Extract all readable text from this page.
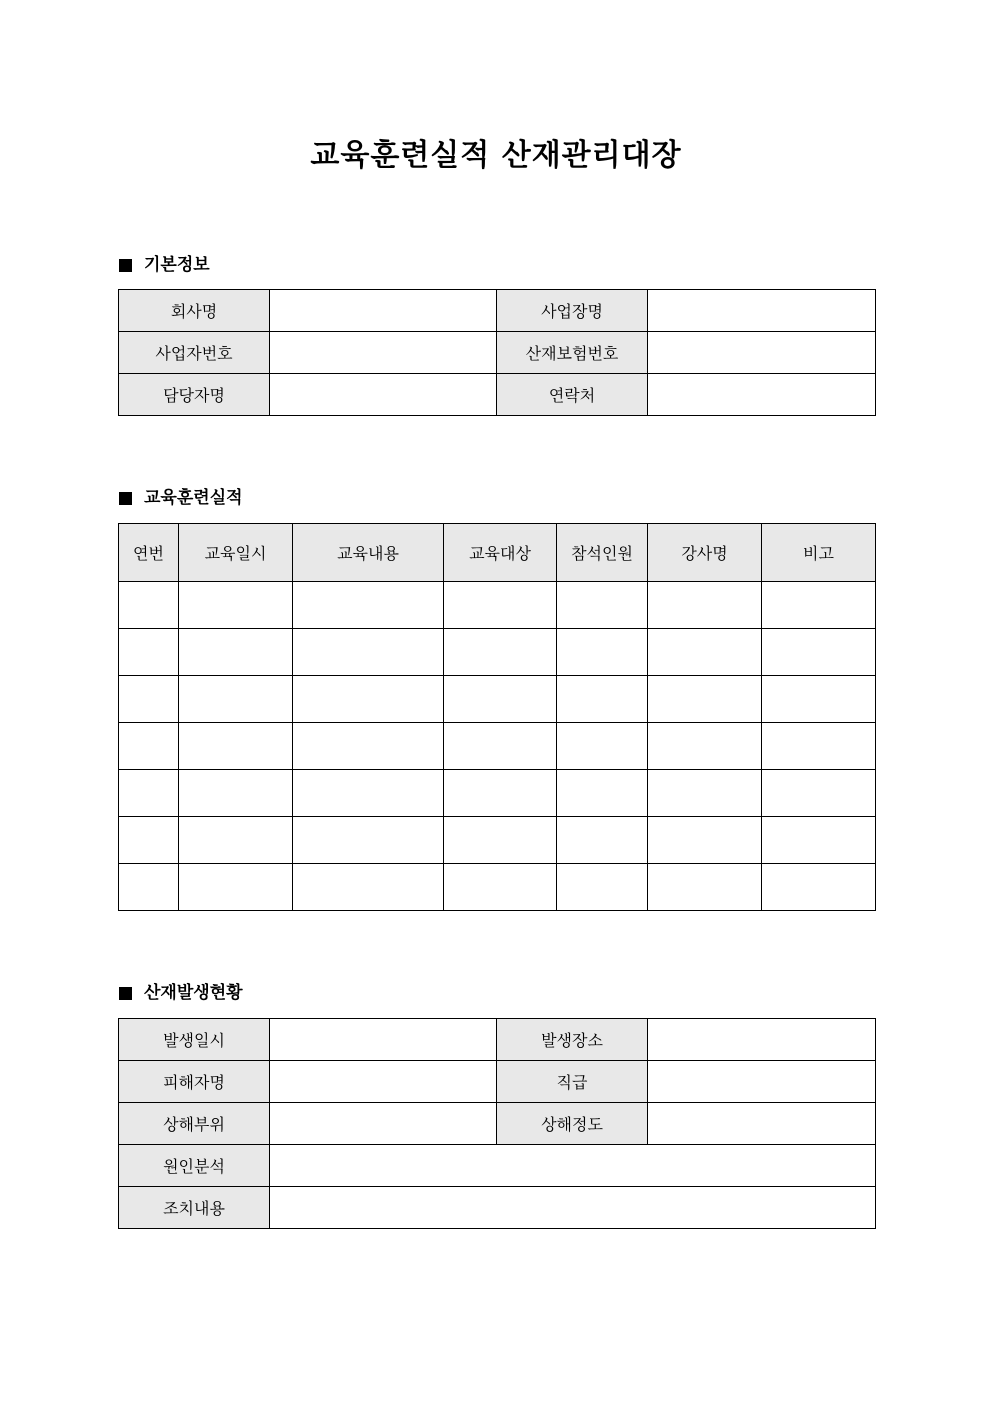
교육훈련실적 산재관리대장
기본정보
회사명		사업장명	
사업자번호		산재보험번호	
담당자명		연락처	
교육훈련실적
연번	교육일시	교육내용	교육대상	참석인원	강사명	비고

산재발생현황
발생일시		발생장소	
피해자명		직급	
상해부위		상해정도	
원인분석			
조치내용			
